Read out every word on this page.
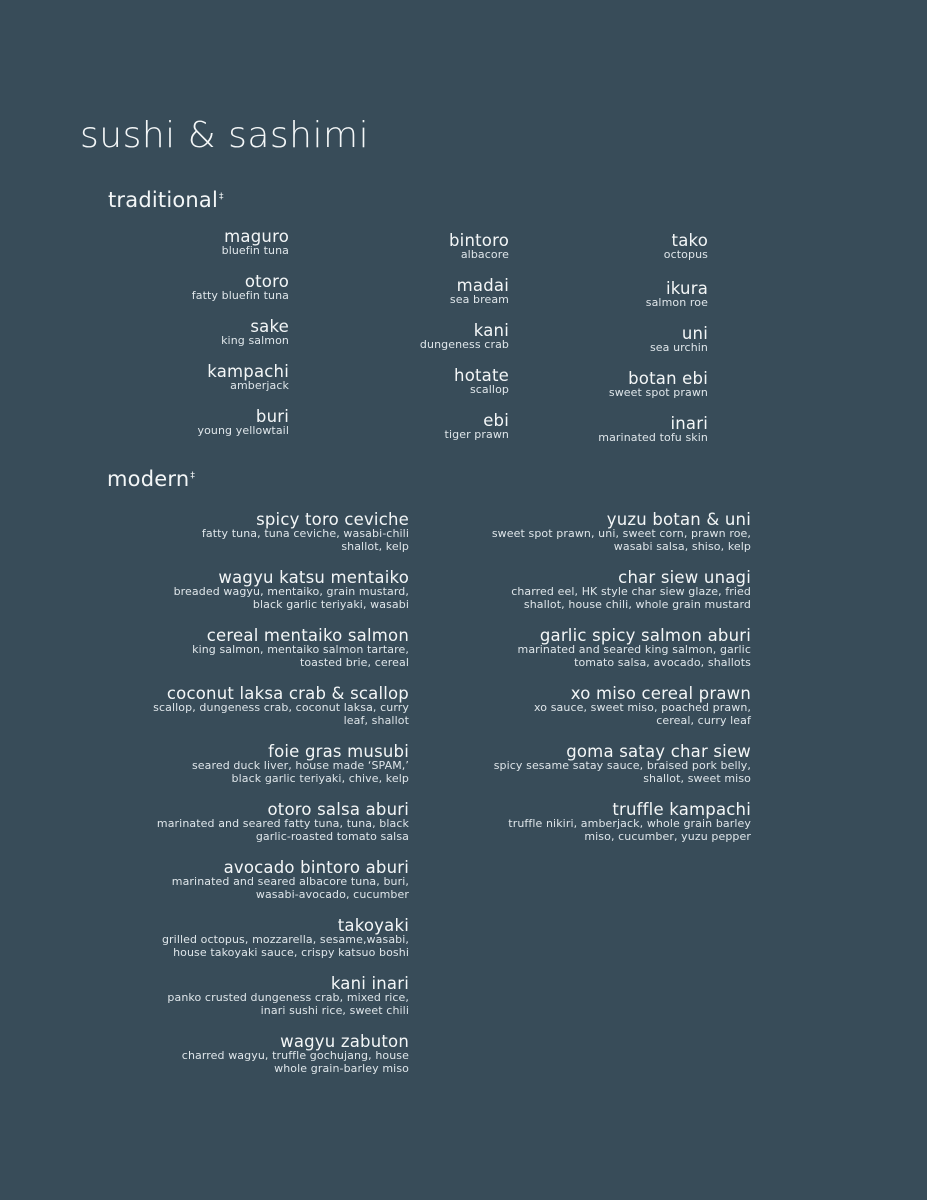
sushi & sashimi
traditional‡
maguro
bluefin tuna
otoro
fatty bluefin tuna
sake
king salmon
kampachi
amberjack
buri
young yellowtail
bintoro
albacore
madai
sea bream
kani
dungeness crab
hotate
scallop
ebi
tiger prawn
tako
octopus
ikura
salmon roe
uni
sea urchin
botan ebi
sweet spot prawn
inari
marinated tofu skin
modern‡
spicy toro ceviche
fatty tuna, tuna ceviche, wasabi-chili
shallot, kelp
wagyu katsu mentaiko
breaded wagyu, mentaiko, grain mustard,
black garlic teriyaki, wasabi
cereal mentaiko salmon
king salmon, mentaiko salmon tartare,
toasted brie, cereal
coconut laksa crab & scallop
scallop, dungeness crab, coconut laksa, curry
leaf, shallot
foie gras musubi
seared duck liver, house made ‘SPAM,’
black garlic teriyaki, chive, kelp
otoro salsa aburi
marinated and seared fatty tuna, tuna, black
garlic-roasted tomato salsa
avocado bintoro aburi
marinated and seared albacore tuna, buri,
wasabi-avocado, cucumber
takoyaki
grilled octopus, mozzarella, sesame,wasabi,
house takoyaki sauce, crispy katsuo boshi
kani inari
panko crusted dungeness crab, mixed rice,
inari sushi rice, sweet chili
wagyu zabuton
charred wagyu, truffle gochujang, house
whole grain-barley miso
yuzu botan & uni
sweet spot prawn, uni, sweet corn, prawn roe,
wasabi salsa, shiso, kelp
char siew unagi
charred eel, HK style char siew glaze, fried
shallot, house chili, whole grain mustard
garlic spicy salmon aburi
marinated and seared king salmon, garlic
tomato salsa, avocado, shallots
xo miso cereal prawn
xo sauce, sweet miso, poached prawn,
cereal, curry leaf
goma satay char siew
spicy sesame satay sauce, braised pork belly,
shallot, sweet miso
truffle kampachi
truffle nikiri, amberjack, whole grain barley
miso, cucumber, yuzu pepper
